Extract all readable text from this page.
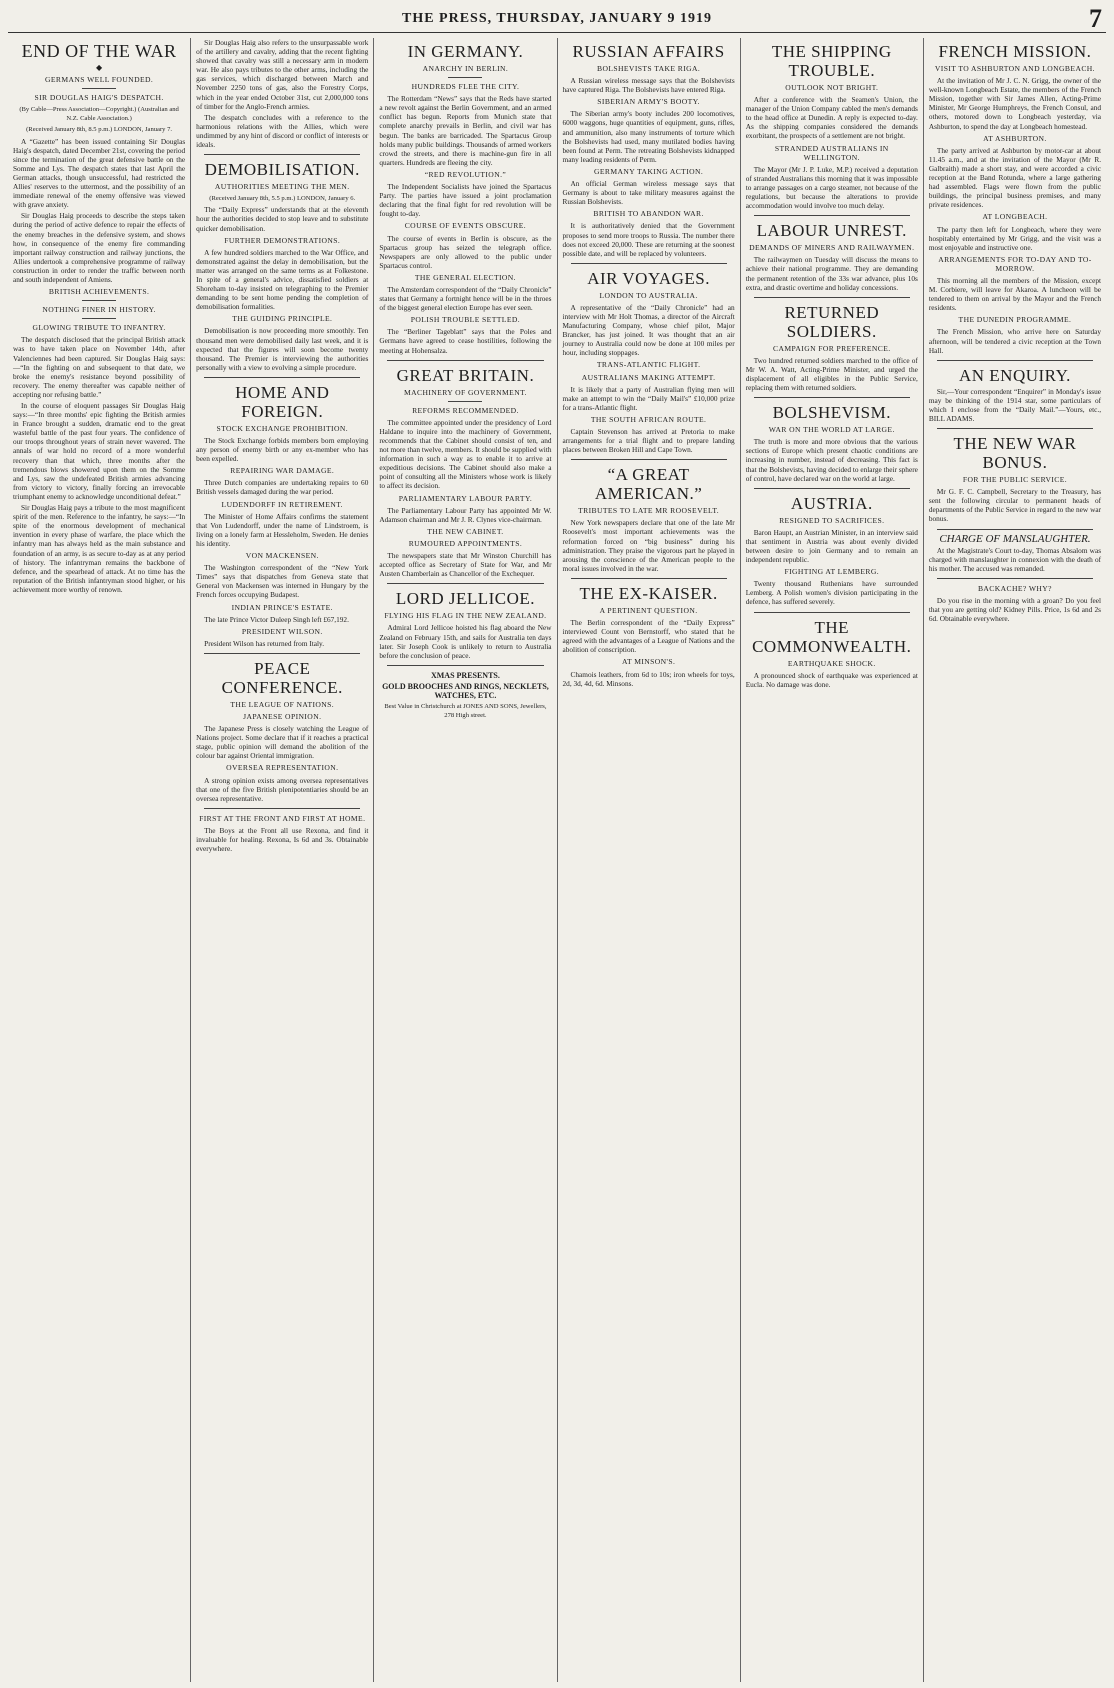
THE PRESS, THURSDAY, JANUARY 9 1919	7
END OF THE WAR
◆
GERMANS WELL FOUNDED.
SIR DOUGLAS HAIG'S DESPATCH.
(By Cable—Press Association—Copyright.) (Australian and N.Z. Cable Association.)
(Received January 8th, 8.5 p.m.) LONDON, January 7.

A “Gazette” has been issued containing Sir Douglas Haig's despatch, dated December 21st, covering the period since the termination of the great defensive battle on the Somme and Lys. The despatch states that last April the German attacks, though unsuccessful, had restricted the Allies' reserves to the uttermost, and the possibility of an immediate renewal of the enemy offensive was viewed with grave anxiety.

Sir Douglas Haig proceeds to describe the steps taken during the period of active defence to repair the effects of the enemy breaches in the defensive system, and shows how, in consequence of the enemy fire commanding important railway construction and railway junctions, the Allies undertook a comprehensive programme of railway construction in order to render the traffic between north and south independent of Amiens.

BRITISH ACHIEVEMENTS.
NOTHING FINER IN HISTORY.
GLOWING TRIBUTE TO INFANTRY.

The despatch disclosed that the principal British attack was to have taken place on November 14th, after Valenciennes had been captured. Sir Douglas Haig says:—“In the fighting on and subsequent to that date, we broke the enemy's resistance beyond possibility of recovery. The enemy thereafter was capable neither of accepting nor refusing battle.”

In the course of eloquent passages Sir Douglas Haig says:—“In three months' epic fighting the British armies in France brought a sudden, dramatic end to the great wasteful battle of the past four years. The confidence of our troops throughout years of strain never wavered. The annals of war hold no record of a more wonderful recovery than that which, three months after the tremendous blows showered upon them on the Somme and Lys, saw the undefeated British armies advancing from victory to victory, finally forcing an irrevocable triumphant enemy to acknowledge unconditional defeat.”

Sir Douglas Haig pays a tribute to the most magnificent spirit of the men. Reference to the infantry, he says:—“In spite of the enormous development of mechanical invention in every phase of warfare, the place which the infantry man has always held as the main substance and foundation of an army, is as secure to-day as at any period of history. The infantryman remains the backbone of defence, and the spearhead of attack. At no time has the reputation of the British infantryman stood higher, or his achievement more worthy of renown.

Sir Douglas Haig also refers to the unsurpassable work of the artillery and cavalry, adding that the recent fighting showed that cavalry was still a necessary arm in modern war. He also pays tributes to the other arms, including the gas services, which discharged between March and November 2250 tons of gas, also the Forestry Corps, which in the year ended October 31st, cut 2,000,000 tons of timber for the Anglo-French armies.

The despatch concludes with a reference to the harmonious relations with the Allies, which were undimmed by any hint of discord or conflict of interests or ideals.

DEMOBILISATION.
AUTHORITIES MEETING THE MEN.
(Received January 8th, 5.5 p.m.) LONDON, January 6.

The “Daily Express” understands that at the eleventh hour the authorities decided to stop leave and to substitute quicker demobilisation.

FURTHER DEMONSTRATIONS.

A few hundred soldiers marched to the War Office, and demonstrated against the delay in demobilisation, but the matter was arranged on the same terms as at Folkestone. In spite of a general's advice, dissatisfied soldiers at Shoreham to-day insisted on telegraphing to the Premier demanding to be sent home pending the completion of demobilisation formalities.

THE GUIDING PRINCIPLE.

Demobilisation is now proceeding more smoothly. Ten thousand men were demobilised daily last week, and it is expected that the figures will soon become twenty thousand. The Premier is interviewing the authorities personally with a view to evolving a simple procedure.

HOME AND FOREIGN.
STOCK EXCHANGE PROHIBITION.

The Stock Exchange forbids members born employing any person of enemy birth or any ex-member who has been expelled.

REPAIRING WAR DAMAGE.

Three Dutch companies are undertaking repairs to 60 British vessels damaged during the war period.

LUDENDORFF IN RETIREMENT.

The Minister of Home Affairs confirms the statement that Von Ludendorff, under the name of Lindstroem, is living on a lonely farm at Hessleholm, Sweden. He denies his identity.

VON MACKENSEN.

The Washington correspondent of the “New York Times” says that dispatches from Geneva state that General von Mackensen was interned in Hungary by the French forces occupying Budapest.

INDIAN PRINCE'S ESTATE.

The late Prince Victor Duleep Singh left £67,192.

PRESIDENT WILSON.

President Wilson has returned from Italy.

PEACE CONFERENCE.
THE LEAGUE OF NATIONS.
JAPANESE OPINION.

The Japanese Press is closely watching the League of Nations project. Some declare that if it reaches a practical stage, public opinion will demand the abolition of the colour bar against Oriental immigration.

OVERSEA REPRESENTATION.

A strong opinion exists among oversea representatives that one of the five British plenipotentiaries should be an oversea representative.

FIRST AT THE FRONT AND FIRST AT HOME.

The Boys at the Front all use Rexona, and find it invaluable for healing. Rexona, Is 6d and 3s. Obtainable everywhere.

IN GERMANY.
ANARCHY IN BERLIN.
HUNDREDS FLEE THE CITY.

The Rotterdam “News” says that the Reds have started a new revolt against the Berlin Government, and an armed conflict has begun. Reports from Munich state that complete anarchy prevails in Berlin, and civil war has begun. The banks are barricaded. The Spartacus Group holds many public buildings. Thousands of armed workers crowd the streets, and there is machine-gun fire in all quarters. Hundreds are fleeing the city.

“RED REVOLUTION.”

The Independent Socialists have joined the Spartacus Party. The parties have issued a joint proclamation declaring that the final fight for red revolution will be fought to-day.

COURSE OF EVENTS OBSCURE.

The course of events in Berlin is obscure, as the Spartacus group has seized the telegraph office. Newspapers are only allowed to the public under Spartacus control.

THE GENERAL ELECTION.

The Amsterdam correspondent of the “Daily Chronicle” states that Germany a fortnight hence will be in the throes of the biggest general election Europe has ever seen.

POLISH TROUBLE SETTLED.

The “Berliner Tageblatt” says that the Poles and Germans have agreed to cease hostilities, following the meeting at Hohensalza.

GREAT BRITAIN.
MACHINERY OF GOVERNMENT.
REFORMS RECOMMENDED.

The committee appointed under the presidency of Lord Haldane to inquire into the machinery of Government, recommends that the Cabinet should consist of ten, and not more than twelve, members. It should be supplied with information in such a way as to enable it to arrive at expeditious decisions. The Cabinet should also make a point of consulting all the Ministers whose work is likely to affect its decision.

PARLIAMENTARY LABOUR PARTY.

The Parliamentary Labour Party has appointed Mr W. Adamson chairman and Mr J. R. Clynes vice-chairman.

THE NEW CABINET.
RUMOURED APPOINTMENTS.

The newspapers state that Mr Winston Churchill has accepted office as Secretary of State for War, and Mr Austen Chamberlain as Chancellor of the Exchequer.

LORD JELLICOE.
FLYING HIS FLAG IN THE NEW ZEALAND.

Admiral Lord Jellicoe hoisted his flag aboard the New Zealand on February 15th, and sails for Australia ten days later. Sir Joseph Cook is unlikely to return to Australia before the conclusion of peace.

XMAS PRESENTS.
GOLD BROOCHES AND RINGS, NECKLETS, WATCHES, ETC.
Best Value in Christchurch at JONES AND SONS, Jewellers, 278 High street.
RUSSIAN AFFAIRS
BOLSHEVISTS TAKE RIGA.

A Russian wireless message says that the Bolshevists have captured Riga. The Bolshevists have entered Riga.

SIBERIAN ARMY'S BOOTY.

The Siberian army's booty includes 200 locomotives, 6000 waggons, huge quantities of equipment, guns, rifles, and ammunition, also many instruments of torture which the Bolshevists had used, many mutilated bodies having been found at Perm. The retreating Bolshevists kidnapped many leading residents of Perm.

GERMANY TAKING ACTION.

An official German wireless message says that Germany is about to take military measures against the Russian Bolshevists.

BRITISH TO ABANDON WAR.

It is authoritatively denied that the Government proposes to send more troops to Russia. The number there does not exceed 20,000. These are returning at the soonest possible date, and will be replaced by volunteers.

AIR VOYAGES.
LONDON TO AUSTRALIA.

A representative of the “Daily Chronicle” had an interview with Mr Holt Thomas, a director of the Aircraft Manufacturing Company, whose chief pilot, Major Brancker, has just joined. It was thought that an air journey to Australia could now be done at 100 miles per hour, including stoppages.

TRANS-ATLANTIC FLIGHT.
AUSTRALIANS MAKING ATTEMPT.

It is likely that a party of Australian flying men will make an attempt to win the “Daily Mail's” £10,000 prize for a trans-Atlantic flight.

THE SOUTH AFRICAN ROUTE.

Captain Stevenson has arrived at Pretoria to make arrangements for a trial flight and to prepare landing places between Broken Hill and Cape Town.

“A GREAT AMERICAN.”
TRIBUTES TO LATE MR ROOSEVELT.

New York newspapers declare that one of the late Mr Roosevelt's most important achievements was the reformation forced on “big business” during his administration. They praise the vigorous part he played in arousing the conscience of the American people to the moral issues involved in the war.

THE EX-KAISER.
A PERTINENT QUESTION.

The Berlin correspondent of the “Daily Express” interviewed Count von Bernstorff, who stated that he agreed with the advantages of a League of Nations and the abolition of conscription.

AT MINSON'S.

Chamois leathers, from 6d to 10s; iron wheels for toys, 2d, 3d, 4d, 6d. Minsons.

THE SHIPPING TROUBLE.
OUTLOOK NOT BRIGHT.

After a conference with the Seamen's Union, the manager of the Union Company cabled the men's demands to the head office at Dunedin. A reply is expected to-day. As the shipping companies considered the demands exorbitant, the prospects of a settlement are not bright.

STRANDED AUSTRALIANS IN WELLINGTON.

The Mayor (Mr J. P. Luke, M.P.) received a deputation of stranded Australians this morning that it was impossible to arrange passages on a cargo steamer, not because of the regulations, but because the alterations to provide accommodation would involve too much delay.

LABOUR UNREST.
DEMANDS OF MINERS AND RAILWAYMEN.

The railwaymen on Tuesday will discuss the means to achieve their national programme. They are demanding the permanent retention of the 33s war advance, plus 10s extra, and drastic overtime and holiday concessions.

RETURNED SOLDIERS.
CAMPAIGN FOR PREFERENCE.

Two hundred returned soldiers marched to the office of Mr W. A. Watt, Acting-Prime Minister, and urged the displacement of all eligibles in the Public Service, replacing them with returned soldiers.

BOLSHEVISM.
WAR ON THE WORLD AT LARGE.

The truth is more and more obvious that the various sections of Europe which present chaotic conditions are increasing in number, instead of decreasing. This fact is that the Bolshevists, having decided to enlarge their sphere of control, have declared war on the world at large.

AUSTRIA.
RESIGNED TO SACRIFICES.

Baron Haupt, an Austrian Minister, in an interview said that sentiment in Austria was about evenly divided between desire to join Germany and to remain an independent republic.

FIGHTING AT LEMBERG.

Twenty thousand Ruthenians have surrounded Lemberg. A Polish women's division participating in the defence, has suffered severely.

THE COMMONWEALTH.
EARTHQUAKE SHOCK.

A pronounced shock of earthquake was experienced at Eucla. No damage was done.

FRENCH MISSION.
VISIT TO ASHBURTON AND LONGBEACH.

At the invitation of Mr J. C. N. Grigg, the owner of the well-known Longbeach Estate, the members of the French Mission, together with Sir James Allen, Acting-Prime Minister, Mr George Humphreys, the French Consul, and others, motored down to Longbeach yesterday, via Ashburton, to spend the day at Longbeach homestead.

AT ASHBURTON.

The party arrived at Ashburton by motor-car at about 11.45 a.m., and at the invitation of the Mayor (Mr R. Galbraith) made a short stay, and were accorded a civic reception at the Band Rotunda, where a large gathering had assembled. Flags were flown from the public buildings, the principal business premises, and many private residences.

AT LONGBEACH.

The party then left for Longbeach, where they were hospitably entertained by Mr Grigg, and the visit was a most enjoyable and instructive one.

ARRANGEMENTS FOR TO-DAY AND TO-MORROW.

This morning all the members of the Mission, except M. Corbiere, will leave for Akaroa. A luncheon will be tendered to them on arrival by the Mayor and the French residents.

THE DUNEDIN PROGRAMME.

The French Mission, who arrive here on Saturday afternoon, will be tendered a civic reception at the Town Hall.

AN ENQUIRY.

Sir,—Your correspondent “Enquirer” in Monday's issue may be thinking of the 1914 star, some particulars of which I enclose from the “Daily Mail.”—Yours, etc., BILL ADAMS.

THE NEW WAR BONUS.
FOR THE PUBLIC SERVICE.

Mr G. F. C. Campbell, Secretary to the Treasury, has sent the following circular to permanent heads of departments of the Public Service in regard to the new war bonus.

CHARGE OF MANSLAUGHTER.

At the Magistrate's Court to-day, Thomas Absalom was charged with manslaughter in connexion with the death of his mother. The accused was remanded.

BACKACHE? WHY?

Do you rise in the morning with a groan? Do you feel that you are getting old? Kidney Pills. Price, 1s 6d and 2s 6d. Obtainable everywhere.
